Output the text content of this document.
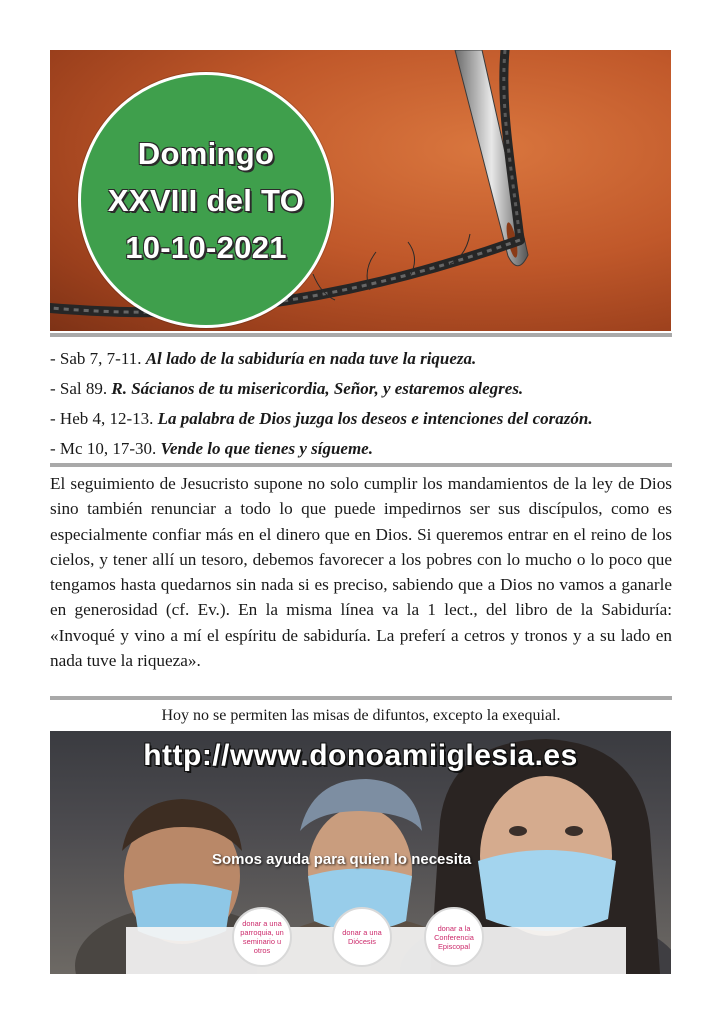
Domingo
XXVIII del TO
10-10-2021
- Sab 7, 7-11. Al lado de la sabiduría en nada tuve la riqueza.
- Sal 89. R. Sácianos de tu misericordia, Señor, y estaremos alegres.
- Heb 4, 12-13. La palabra de Dios juzga los deseos e intenciones del corazón.
- Mc 10, 17-30. Vende lo que tienes y sígueme.
El seguimiento de Jesucristo supone no solo cumplir los mandamientos de la ley de Dios sino también renunciar a todo lo que puede impedirnos ser sus discípulos, como es especialmente confiar más en el dinero que en Dios. Si queremos entrar en el reino de los cielos, y tener allí un tesoro, debemos favorecer a los pobres con lo mucho o lo poco que tengamos hasta quedarnos sin nada si es preciso, sabiendo que a Dios no vamos a ganarle en generosidad (cf. Ev.). En la misma línea va la 1 lect., del libro de la Sabiduría: «Invoqué y vino a mí el espíritu de sabiduría. La preferí a cetros y tronos y a su lado en nada tuve la riqueza».
Hoy no se permiten las misas de difuntos, excepto la exequial.
http://www.donoamiiglesia.es
Somos ayuda para quien lo necesita
donar a una parroquia, un seminario u otros
donar a una Diócesis
donar a la Conferencia Episcopal
